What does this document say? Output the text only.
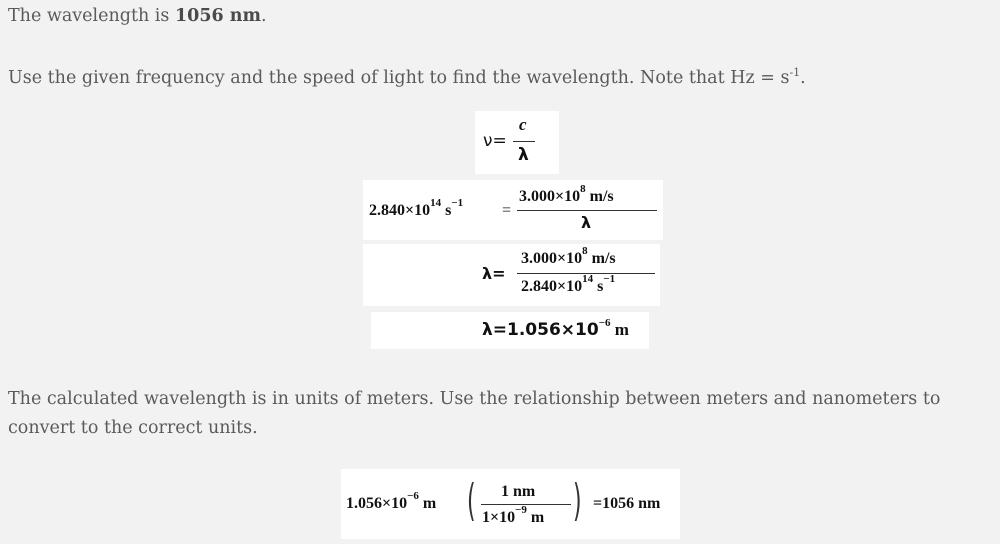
The wavelength is 1056 nm.
Use the given frequency and the speed of light to find the wavelength. Note that $Hz = s^{-1}$.
ν=
c
λ
$2.840\times 10^{14}$ $s^{-1}$ =
$3.000\times 10^8$ m/s
λ
λ=
$3.000\times 10^8$ m/s
$2.840\times 10^{14}$ $s^{-1}$
$\lambda=1.056\times 10^{-6}$ m
The calculated wavelength is in units of meters. Use the relationship between meters and nanometers to convert to the correct units.
$1.056\times 10^{-6}$ m ( 1 nm
$1\times 10^{-9}$ m ) =1056 nm
